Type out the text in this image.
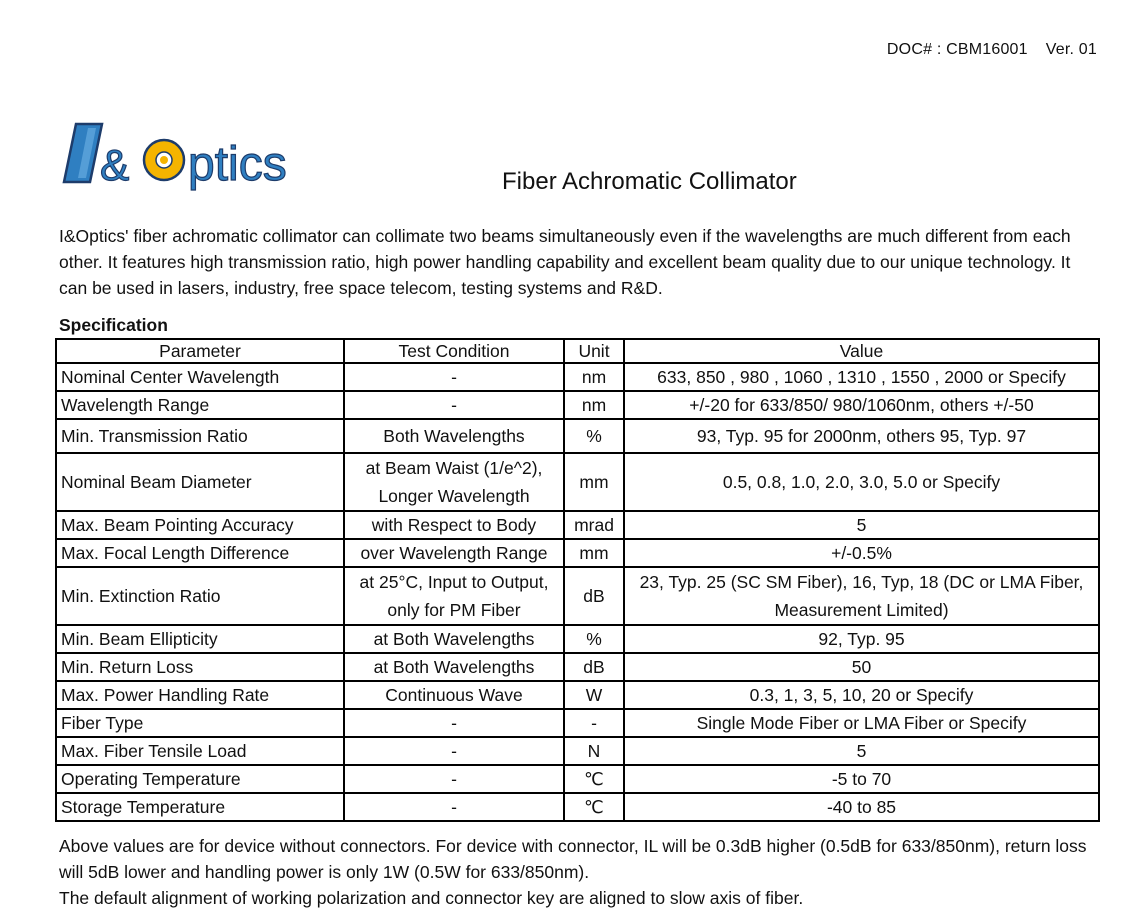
DOC# : CBM16001 Ver. 01
& ptics	Fiber Achromatic Collimator

I&Optics' fiber achromatic collimator can collimate two beams simultaneously even if the wavelengths are much different from each other. It features high transmission ratio, high power handling capability and excellent beam quality due to our unique technology. It can be used in lasers, industry, free space telecom, testing systems and R&D.

Specification
Parameter	Test Condition	Unit	Value
Nominal Center Wavelength	-	nm	633, 850 , 980 , 1060 , 1310 , 1550 , 2000 or Specify
Wavelength Range	-	nm	+/-20 for 633/850/ 980/1060nm, others +/-50
Min. Transmission Ratio	Both Wavelengths	%	93, Typ. 95 for 2000nm, others 95, Typ. 97
Nominal Beam Diameter	at Beam Waist (1/e^2), Longer Wavelength	mm	0.5, 0.8, 1.0, 2.0, 3.0, 5.0 or Specify
Max. Beam Pointing Accuracy	with Respect to Body	mrad	5
Max. Focal Length Difference	over Wavelength Range	mm	+/-0.5%
Min. Extinction Ratio	at 25°C, Input to Output, only for PM Fiber	dB	23, Typ. 25 (SC SM Fiber), 16, Typ, 18 (DC or LMA Fiber, Measurement Limited)
Min. Beam Ellipticity	at Both Wavelengths	%	92, Typ. 95
Min. Return Loss	at Both Wavelengths	dB	50
Max. Power Handling Rate	Continuous Wave	W	0.3, 1, 3, 5, 10, 20 or Specify
Fiber Type	-	-	Single Mode Fiber or LMA Fiber or Specify
Max. Fiber Tensile Load	-	N	5
Operating Temperature	-	℃	-5 to 70
Storage Temperature	-	℃	-40 to 85

Above values are for device without connectors. For device with connector, IL will be 0.3dB higher (0.5dB for 633/850nm), return loss will 5dB lower and handling power is only 1W (0.5W for 633/850nm).

The default alignment of working polarization and connector key are aligned to slow axis of fiber.
